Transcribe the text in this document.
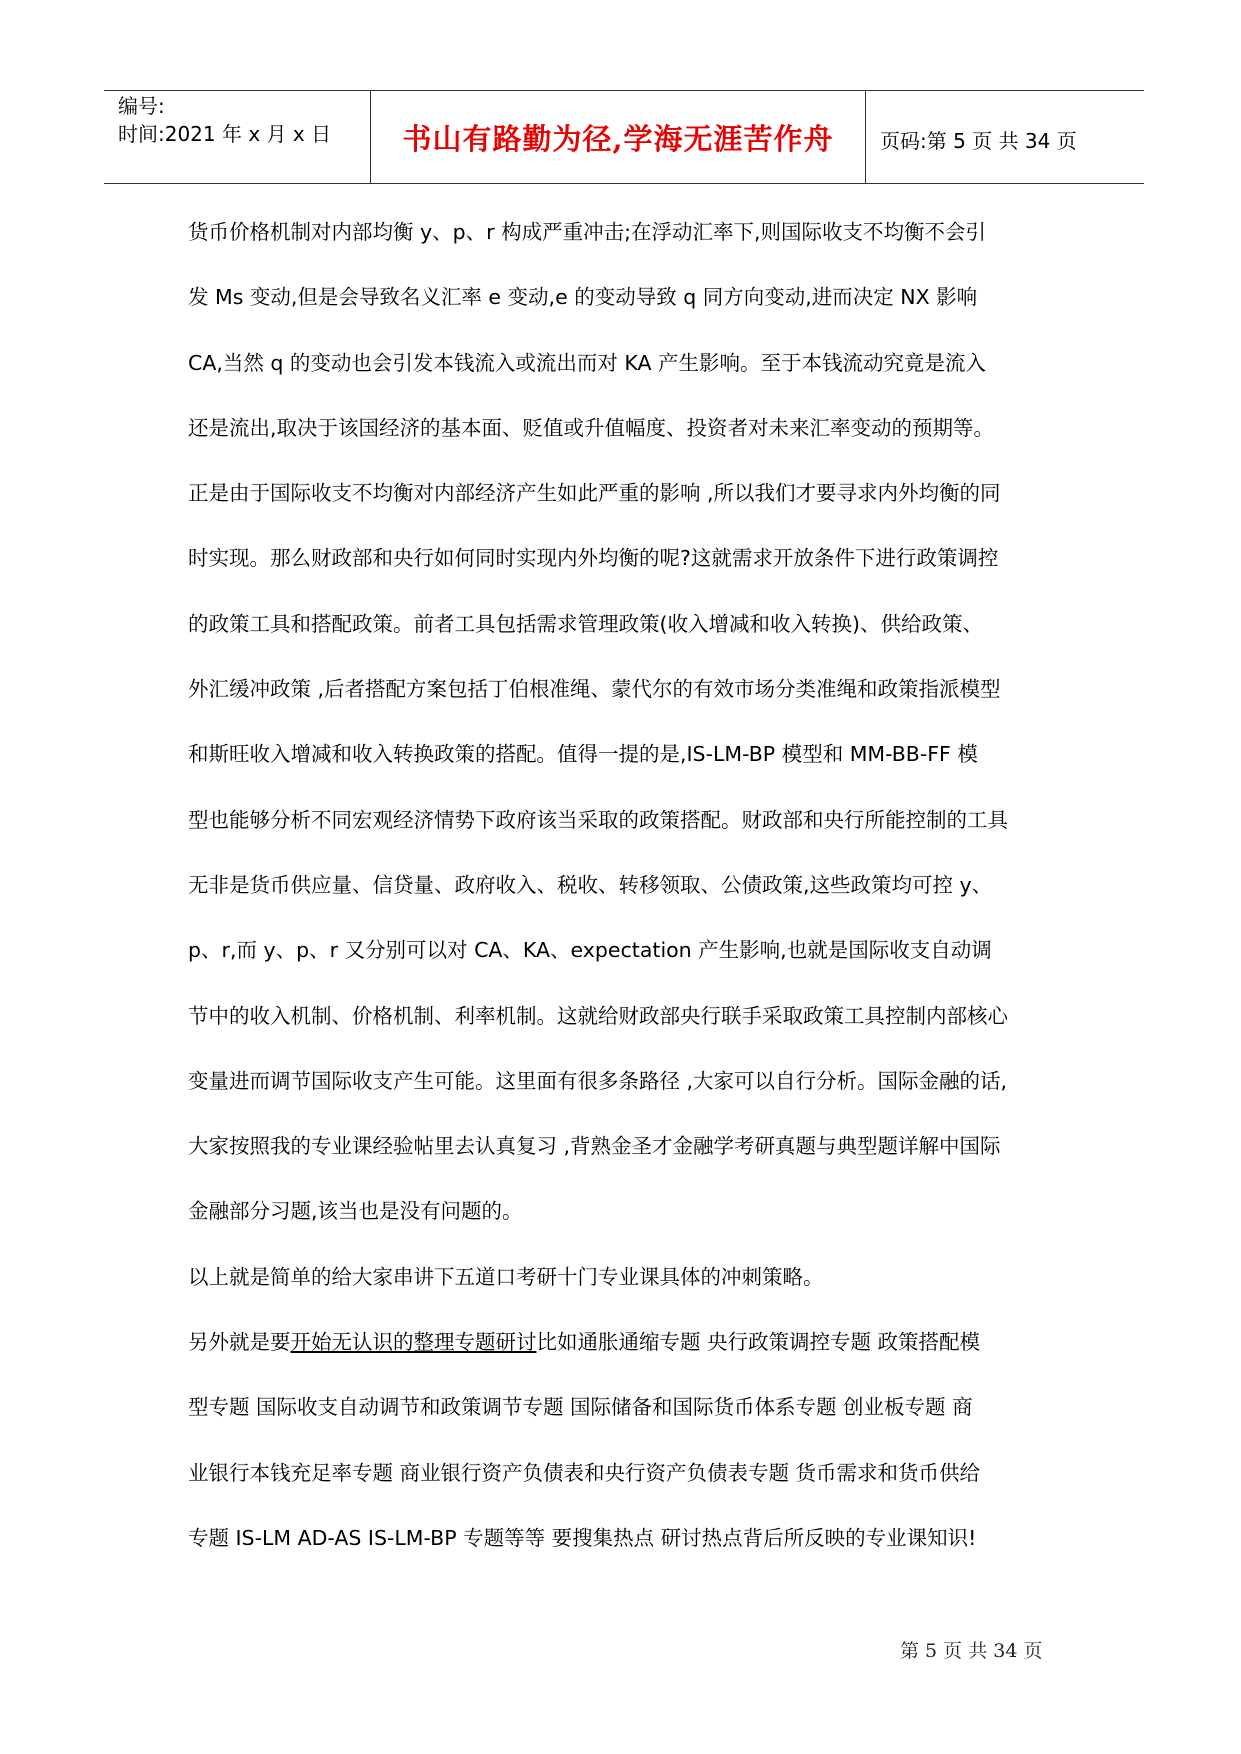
编号:
时间:2021 年 x 月 x 日	书山有路勤为径,学海无涯苦作舟	页码:第 5 页 共 34 页
货币价格机制对内部均衡 y、p、r 构成严重冲击;在浮动汇率下,则国际收支不均衡不会引
发 Ms 变动,但是会导致名义汇率 e 变动,e 的变动导致 q 同方向变动,进而决定 NX 影响
CA,当然 q 的变动也会引发本钱流入或流出而对 KA 产生影响。至于本钱流动究竟是流入
还是流出,取决于该国经济的基本面、贬值或升值幅度、投资者对未来汇率变动的预期等。
正是由于国际收支不均衡对内部经济产生如此严重的影响 ,所以我们才要寻求内外均衡的同
时实现。那么财政部和央行如何同时实现内外均衡的呢?这就需求开放条件下进行政策调控
的政策工具和搭配政策。前者工具包括需求管理政策(收入增减和收入转换)、供给政策、
外汇缓冲政策 ,后者搭配方案包括丁伯根准绳、蒙代尔的有效市场分类准绳和政策指派模型
和斯旺收入增减和收入转换政策的搭配。值得一提的是,IS-LM-BP 模型和 MM-BB-FF 模
型也能够分析不同宏观经济情势下政府该当采取的政策搭配。财政部和央行所能控制的工具
无非是货币供应量、信贷量、政府收入、税收、转移领取、公债政策,这些政策均可控 y、
p、r,而 y、p、r 又分别可以对 CA、KA、expectation 产生影响,也就是国际收支自动调
节中的收入机制、价格机制、利率机制。这就给财政部央行联手采取政策工具控制内部核心
变量进而调节国际收支产生可能。这里面有很多条路径 ,大家可以自行分析。国际金融的话,
大家按照我的专业课经验帖里去认真复习 ,背熟金圣才金融学考研真题与典型题详解中国际
金融部分习题,该当也是没有问题的。
以上就是简单的给大家串讲下五道口考研十门专业课具体的冲刺策略。
另外就是要开始无认识的整理专题研讨比如通胀通缩专题 央行政策调控专题 政策搭配模
型专题 国际收支自动调节和政策调节专题 国际储备和国际货币体系专题 创业板专题 商
业银行本钱充足率专题 商业银行资产负债表和央行资产负债表专题 货币需求和货币供给
专题 IS-LM AD-AS IS-LM-BP 专题等等 要搜集热点 研讨热点背后所反映的专业课知识!
第 5 页 共 34 页
